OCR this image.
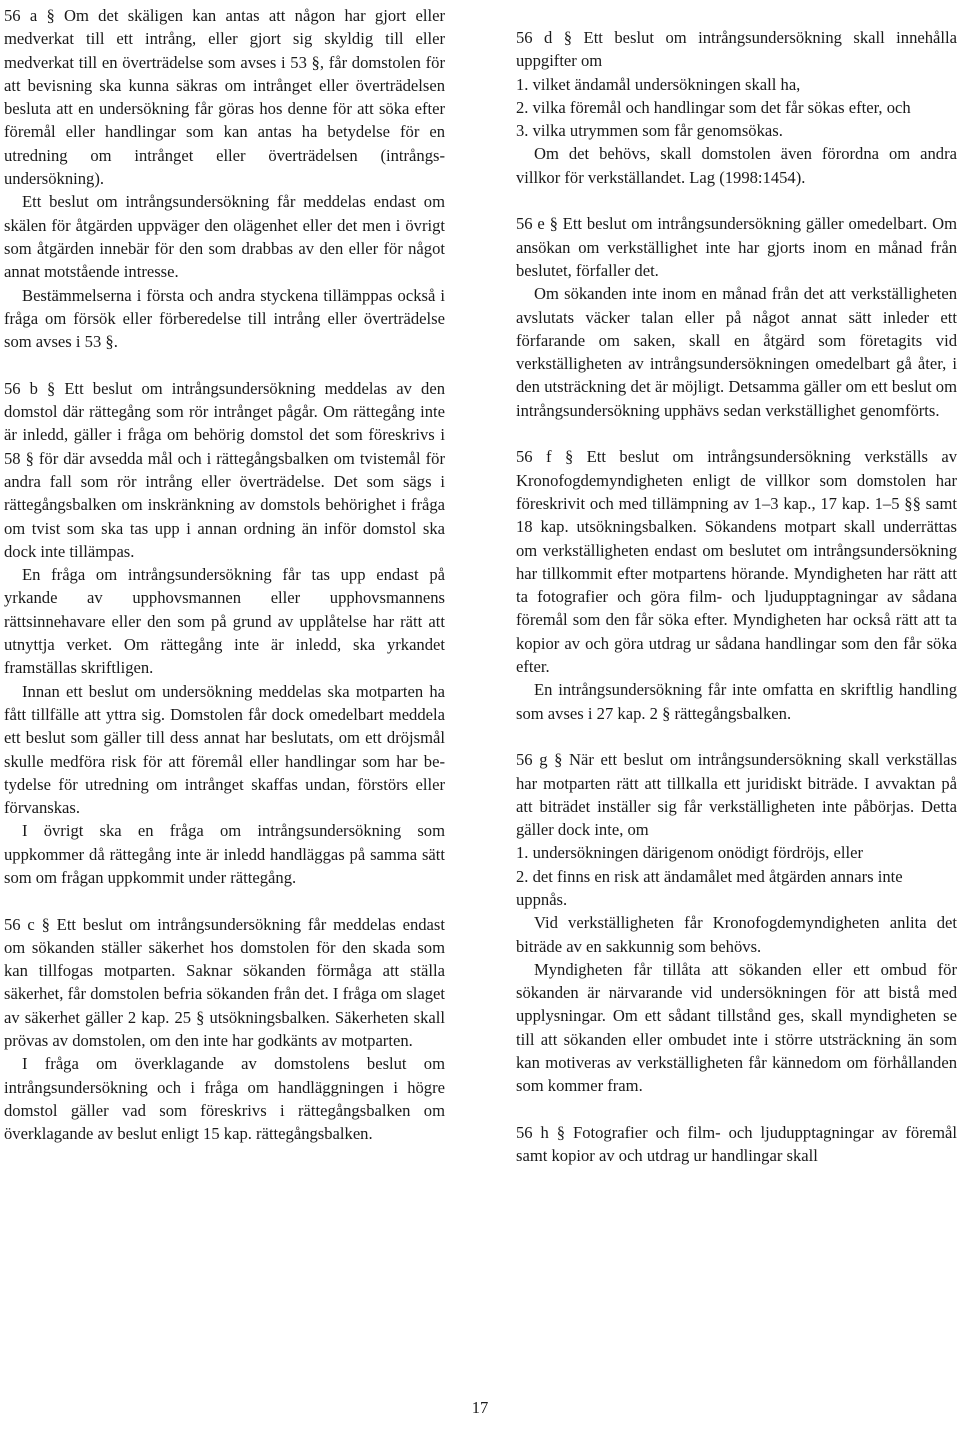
56 a § Om det skäligen kan antas att någon har gjort eller medverkat till ett intrång, eller gjort sig skyldig till eller medverkat till en överträdelse som avses i 53 §, får domstolen för att bevisning ska kunna säkras om intrånget eller överträdelsen besluta att en undersökning får göras hos denne för att söka efter föremål eller handlingar som kan antas ha betydelse för en utredning om intrånget eller överträdelsen (intrångsundersökning).

Ett beslut om intrångsundersökning får meddelas endast om skälen för åtgärden uppväger den olägenhet eller det men i övrigt som åtgärden innebär för den som drabbas av den eller för något annat motstående intresse.

Bestämmelserna i första och andra styckena tillämppas också i fråga om försök eller förberedelse till intrång eller överträdelse som avses i 53 §.

56 b § Ett beslut om intrångsundersökning meddelas av den domstol där rättegång som rör intrånget pågår. Om rättegång inte är inledd, gäller i fråga om behörig domstol det som föreskrivs i 58 § för där avsedda mål och i rättegångsbalken om tvistemål för andra fall som rör intrång eller överträdelse. Det som sägs i rättegångsbalken om inskränkning av domstols behörighet i fråga om tvist som ska tas upp i annan ordning än inför domstol ska dock inte tillämpas.

En fråga om intrångsundersökning får tas upp endast på yrkande av upphovsmannen eller upphovsmannens rättsinnehavare eller den som på grund av upplåtelse har rätt att utnyttja verket. Om rättegång inte är inledd, ska yrkandet framställas skriftligen.

Innan ett beslut om undersökning meddelas ska motparten ha fått tillfälle att yttra sig. Domstolen får dock omedelbart meddela ett beslut som gäller till dess annat har beslutats, om ett dröjsmål skulle medföra risk för att föremål eller handlingar som har betydelse för utredning om intrånget skaffas undan, förstörs eller förvanskas.

I övrigt ska en fråga om intrångsundersökning som uppkommer då rättegång inte är inledd handläggas på samma sätt som om frågan uppkommit under rättegång.

56 c § Ett beslut om intrångsundersökning får meddelas endast om sökanden ställer säkerhet hos domstolen för den skada som kan tillfogas motparten. Saknar sökanden förmåga att ställa säkerhet, får domstolen befria sökanden från det. I fråga om slaget av säkerhet gäller 2 kap. 25 § utsökningsbalken. Säkerheten skall prövas av domstolen, om den inte har godkänts av motparten.

I fråga om överklagande av domstolens beslut om intrångsundersökning och i fråga om handläggningen i högre domstol gäller vad som föreskrivs i rättegångsbalken om överklagande av beslut enligt 15 kap. rättegångsbalken.

56 d § Ett beslut om intrångsundersökning skall innehålla uppgifter om

1. vilket ändamål undersökningen skall ha,

2. vilka föremål och handlingar som det får sökas efter, och

3. vilka utrymmen som får genomsökas.

Om det behövs, skall domstolen även förordna om andra villkor för verkställandet. Lag (1998:1454).

56 e § Ett beslut om intrångsundersökning gäller omedelbart. Om ansökan om verkställighet inte har gjorts inom en månad från beslutet, förfaller det.

Om sökanden inte inom en månad från det att verkställigheten avslutats väcker talan eller på något annat sätt inleder ett förfarande om saken, skall en åtgärd som företagits vid verkställigheten av intrångsundersökningen omedelbart gå åter, i den utsträckning det är möjligt. Detsamma gäller om ett beslut om intrångsundersökning upphävs sedan verkställighet genomförts.

56 f § Ett beslut om intrångsundersökning verkställs av Kronofogdemyndigheten enligt de villkor som domstolen har föreskrivit och med tillämpning av 1–3 kap., 17 kap. 1–5 §§ samt 18 kap. utsökningsbalken. Sökandens motpart skall underrättas om verkställigheten endast om beslutet om intrångsundersökning har tillkommit efter motpartens hörande. Myndigheten har rätt att ta fotografier och göra film- och ljudupptagningar av sådana föremål som den får söka efter. Myndigheten har också rätt att ta kopior av och göra utdrag ur sådana handlingar som den får söka efter.

En intrångsundersökning får inte omfatta en skriftlig handling som avses i 27 kap. 2 § rättegångsbalken.

56 g § När ett beslut om intrångsundersökning skall verkställas har motparten rätt att tillkalla ett juridiskt biträde. I avvaktan på att biträdet inställer sig får verkställigheten inte påbörjas. Detta gäller dock inte, om

1. undersökningen därigenom onödigt fördröjs, eller

2. det finns en risk att ändamålet med åtgärden annars inte uppnås.

Vid verkställigheten får Kronofogdemyndigheten anlita det biträde av en sakkunnig som behövs.

Myndigheten får tillåta att sökanden eller ett ombud för sökanden är närvarande vid undersökningen för att bistå med upplysningar. Om ett sådant tillstånd ges, skall myndigheten se till att sökanden eller ombudet inte i större utsträckning än som kan motiveras av verkställigheten får kännedom om förhållanden som kommer fram.

56 h § Fotografier och film- och ljudupptagningar av föremål samt kopior av och utdrag ur handlingar skall

17
